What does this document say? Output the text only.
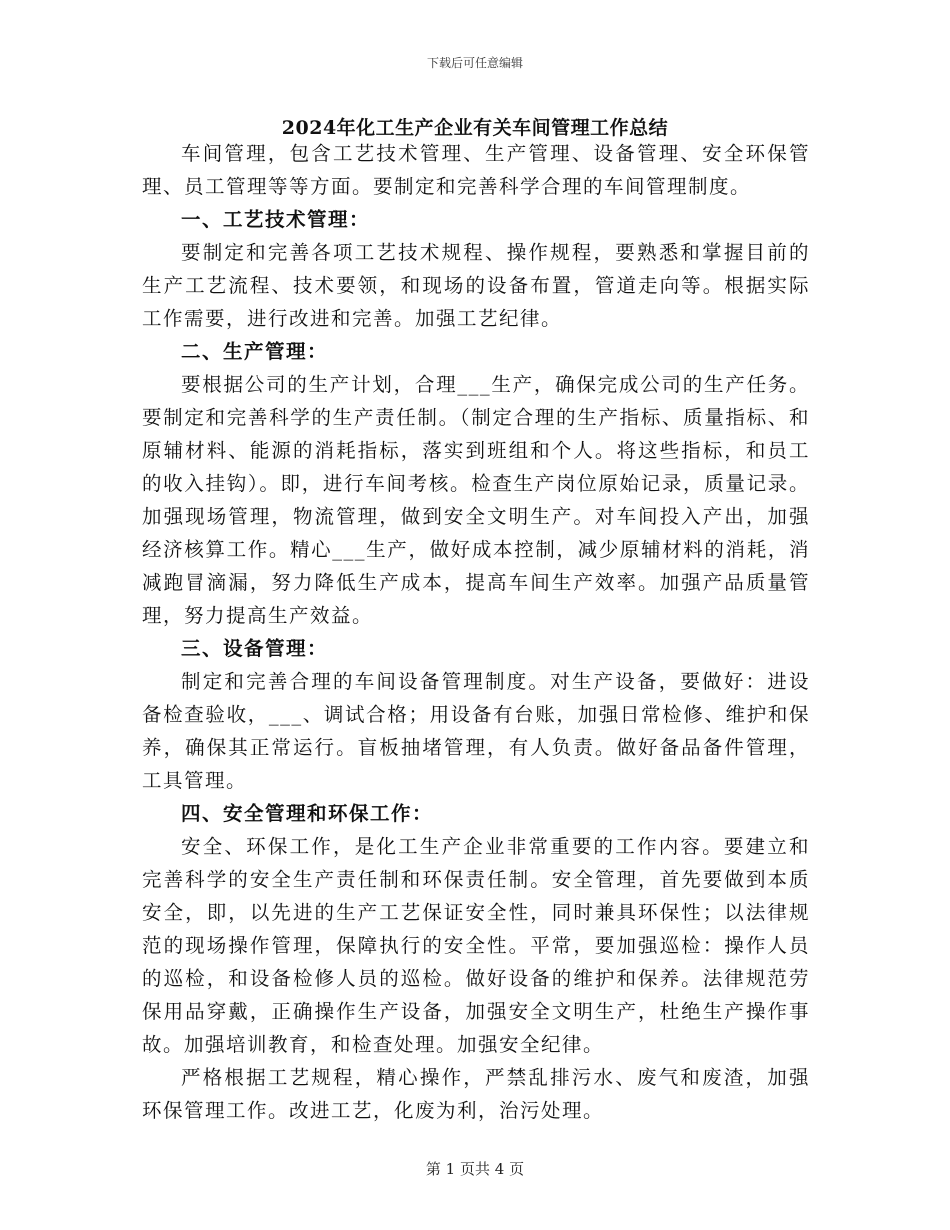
下载后可任意编辑
2024年化工生产企业有关车间管理工作总结

车间管理，包含工艺技术管理、生产管理、设备管理、安全环保管理、员工管理等等方面。要制定和完善科学合理的车间管理制度。

一、工艺技术管理：

要制定和完善各项工艺技术规程、操作规程，要熟悉和掌握目前的生产工艺流程、技术要领，和现场的设备布置，管道走向等。根据实际工作需要，进行改进和完善。加强工艺纪律。

二、生产管理：

要根据公司的生产计划，合理___生产，确保完成公司的生产任务。要制定和完善科学的生产责任制。（制定合理的生产指标、质量指标、和原辅材料、能源的消耗指标，落实到班组和个人。将这些指标，和员工的收入挂钩）。即，进行车间考核。检查生产岗位原始记录，质量记录。加强现场管理，物流管理，做到安全文明生产。对车间投入产出，加强经济核算工作。精心___生产，做好成本控制，减少原辅材料的消耗，消减跑冒滴漏，努力降低生产成本，提高车间生产效率。加强产品质量管理，努力提高生产效益。

三、设备管理：

制定和完善合理的车间设备管理制度。对生产设备，要做好：进设备检查验收，___、调试合格；用设备有台账，加强日常检修、维护和保养，确保其正常运行。盲板抽堵管理，有人负责。做好备品备件管理，工具管理。

四、安全管理和环保工作：

安全、环保工作，是化工生产企业非常重要的工作内容。要建立和完善科学的安全生产责任制和环保责任制。安全管理，首先要做到本质安全，即，以先进的生产工艺保证安全性，同时兼具环保性；以法律规范的现场操作管理，保障执行的安全性。平常，要加强巡检：操作人员的巡检，和设备检修人员的巡检。做好设备的维护和保养。法律规范劳保用品穿戴，正确操作生产设备，加强安全文明生产，杜绝生产操作事故。加强培训教育，和检查处理。加强安全纪律。

严格根据工艺规程，精心操作，严禁乱排污水、废气和废渣，加强环保管理工作。改进工艺，化废为利，治污处理。

第 1 页共 4 页
